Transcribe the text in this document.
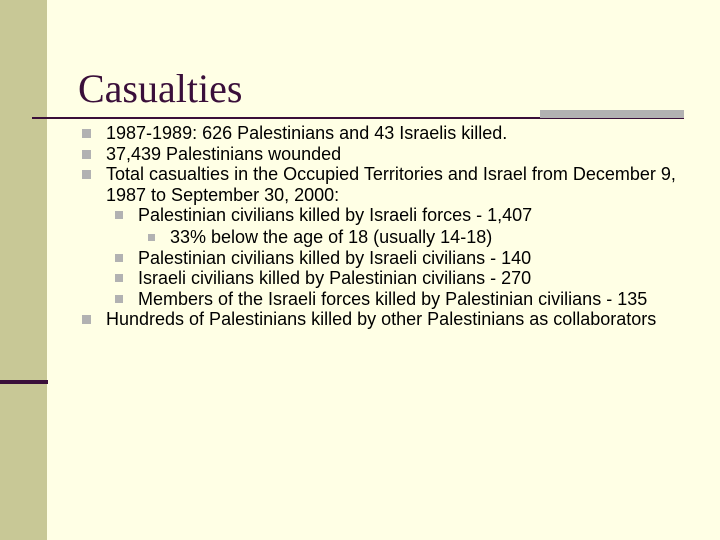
Casualties
1987-1989: 626 Palestinians and 43 Israelis killed.
37,439 Palestinians wounded
Total casualties in the Occupied Territories and Israel from December 9, 1987 to September 30, 2000:
Palestinian civilians killed by Israeli forces - 1,407
33% below the age of 18 (usually 14-18)
Palestinian civilians killed by Israeli civilians - 140
Israeli civilians killed by Palestinian civilians - 270
Members of the Israeli forces killed by Palestinian civilians - 135
Hundreds of Palestinians killed by other Palestinians as collaborators
